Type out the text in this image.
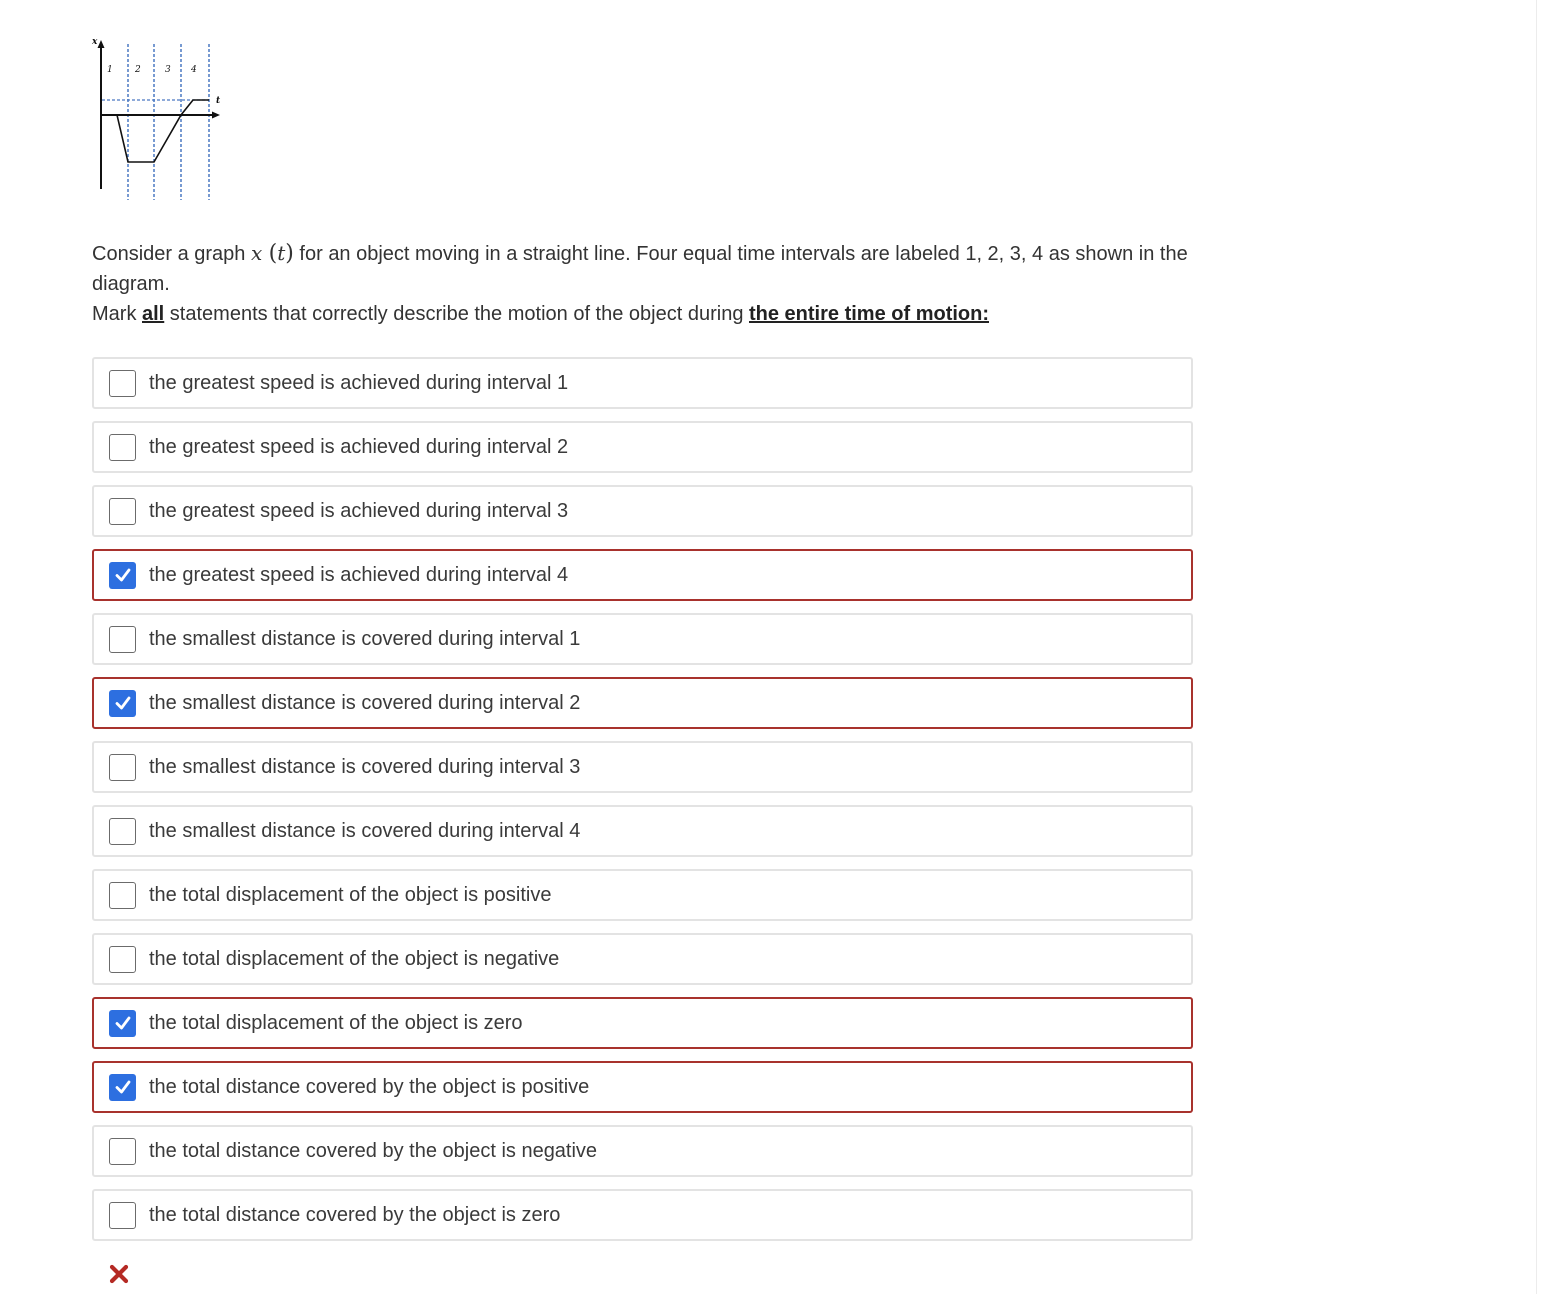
x
t
1 2	3 4

Consider a graph x (t) for an object moving in a straight line. Four equal time intervals are labeled 1, 2, 3, 4 as shown in the diagram.

Mark all statements that correctly describe the motion of the object during the entire time of motion:

the greatest speed is achieved during interval 1
the greatest speed is achieved during interval 2
the greatest speed is achieved during interval 3
the greatest speed is achieved during interval 4
the smallest distance is covered during interval 1
the smallest distance is covered during interval 2
the smallest distance is covered during interval 3
the smallest distance is covered during interval 4
the total displacement of the object is positive
the total displacement of the object is negative
the total displacement of the object is zero
the total distance covered by the object is positive
the total distance covered by the object is negative
the total distance covered by the object is zero
